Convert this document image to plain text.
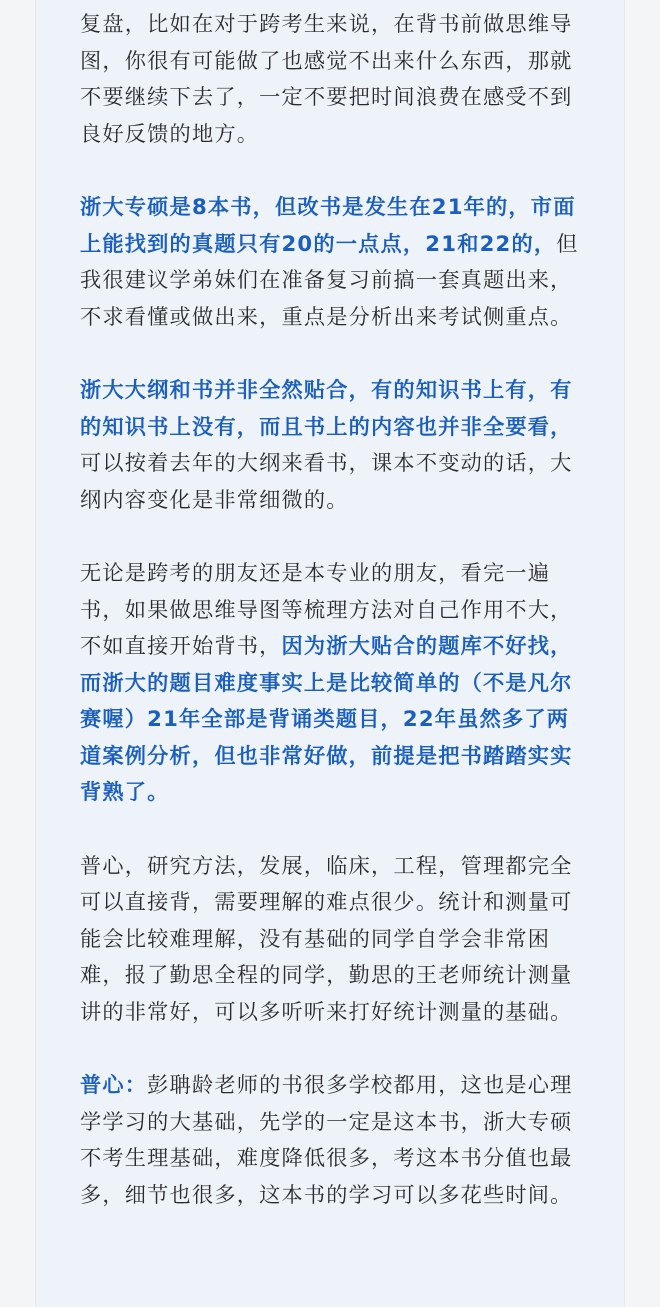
复盘，比如在对于跨考生来说，在背书前做思维导图，你很有可能做了也感觉不出来什么东西，那就不要继续下去了，一定不要把时间浪费在感受不到良好反馈的地方。

浙大专硕是8本书，但改书是发生在21年的，市面上能找到的真题只有20的一点点，21和22的，但我很建议学弟妹们在准备复习前搞一套真题出来，不求看懂或做出来，重点是分析出来考试侧重点。

浙大大纲和书并非全然贴合，有的知识书上有，有的知识书上没有，而且书上的内容也并非全要看，可以按着去年的大纲来看书，课本不变动的话，大纲内容变化是非常细微的。

无论是跨考的朋友还是本专业的朋友，看完一遍书，如果做思维导图等梳理方法对自己作用不大，不如直接开始背书，因为浙大贴合的题库不好找，而浙大的题目难度事实上是比较简单的（不是凡尔赛喔）21年全部是背诵类题目，22年虽然多了两道案例分析，但也非常好做，前提是把书踏踏实实背熟了。

普心，研究方法，发展，临床，工程，管理都完全可以直接背，需要理解的难点很少。统计和测量可能会比较难理解，没有基础的同学自学会非常困难，报了勤思全程的同学，勤思的王老师统计测量讲的非常好，可以多听听来打好统计测量的基础。

普心：彭聃龄老师的书很多学校都用，这也是心理学学习的大基础，先学的一定是这本书，浙大专硕不考生理基础，难度降低很多，考这本书分值也最多，细节也很多，这本书的学习可以多花些时间。
